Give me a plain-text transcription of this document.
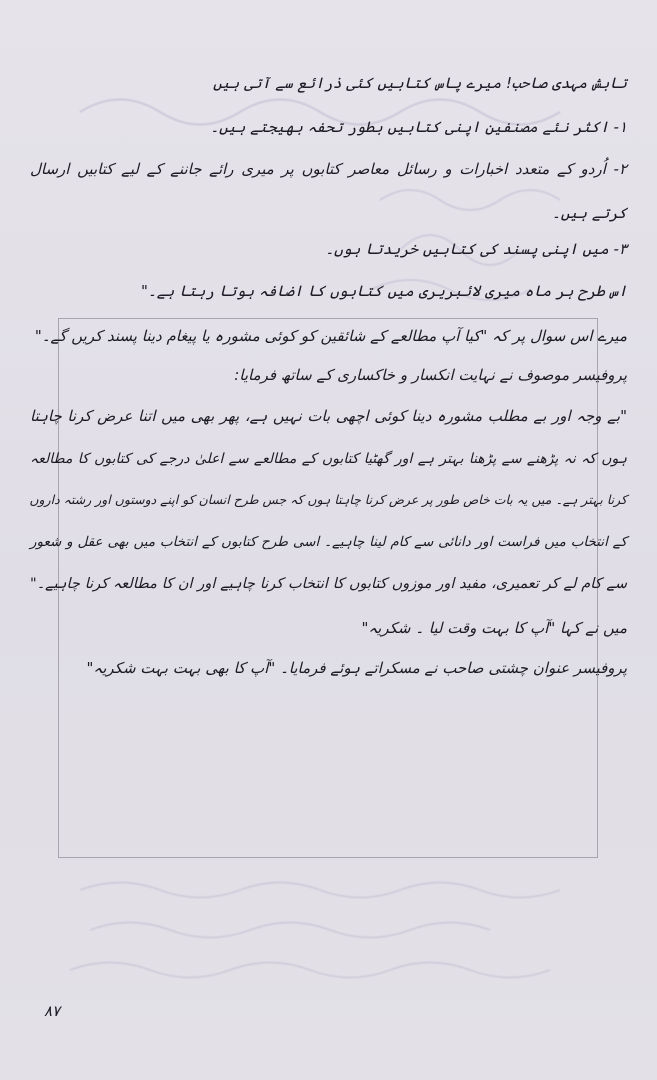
تابش مہدی صاحب! میرے پاس کتابیں کئی ذرائع سے آتی ہیں
١- اکثر نئے مصنفین اپنی کتابیں بطور تحفہ بھیجتے ہیں۔
٢- اُردو کے متعدد اخبارات و رسائل معاصر کتابوں پر میری رائے جاننے کے لیے کتابیں ارسال
کرتے ہیں۔
٣- میں اپنی پسند کی کتابیں خریدتا ہوں۔
اس طرح ہر ماہ میری لائبریری میں کتابوں کا اضافہ ہوتا رہتا ہے۔"
میرے اس سوال پر کہ "کیا آپ مطالعے کے شائقین کو کوئی مشورہ یا پیغام دینا پسند کریں گے۔"
پروفیسر موصوف نے نہایت انکسار و خاکساری کے ساتھ فرمایا:
"بے وجہ اور بے مطلب مشورہ دینا کوئی اچھی بات نہیں ہے، پھر بھی میں اتنا عرض کرنا چاہتا
ہوں کہ نہ پڑھنے سے پڑھنا بہتر ہے اور گھٹیا کتابوں کے مطالعے سے اعلیٰ درجے کی کتابوں کا مطالعہ
کرنا بہتر ہے۔ میں یہ بات خاص طور پر عرض کرنا چاہتا ہوں کہ جس طرح انسان کو اپنے دوستوں اور رشتہ داروں
کے انتخاب میں فراست اور دانائی سے کام لینا چاہیے۔ اسی طرح کتابوں کے انتخاب میں بھی عقل و شعور
سے کام لے کر تعمیری، مفید اور موزوں کتابوں کا انتخاب کرنا چاہیے اور ان کا مطالعہ کرنا چاہیے۔"
میں نے کہا "آپ کا بہت وقت لیا ۔ شکریہ"
پروفیسر عنوان چشتی صاحب نے مسکراتے ہوئے فرمایا۔ "آپ کا بھی بہت بہت شکریہ"
۸۷
